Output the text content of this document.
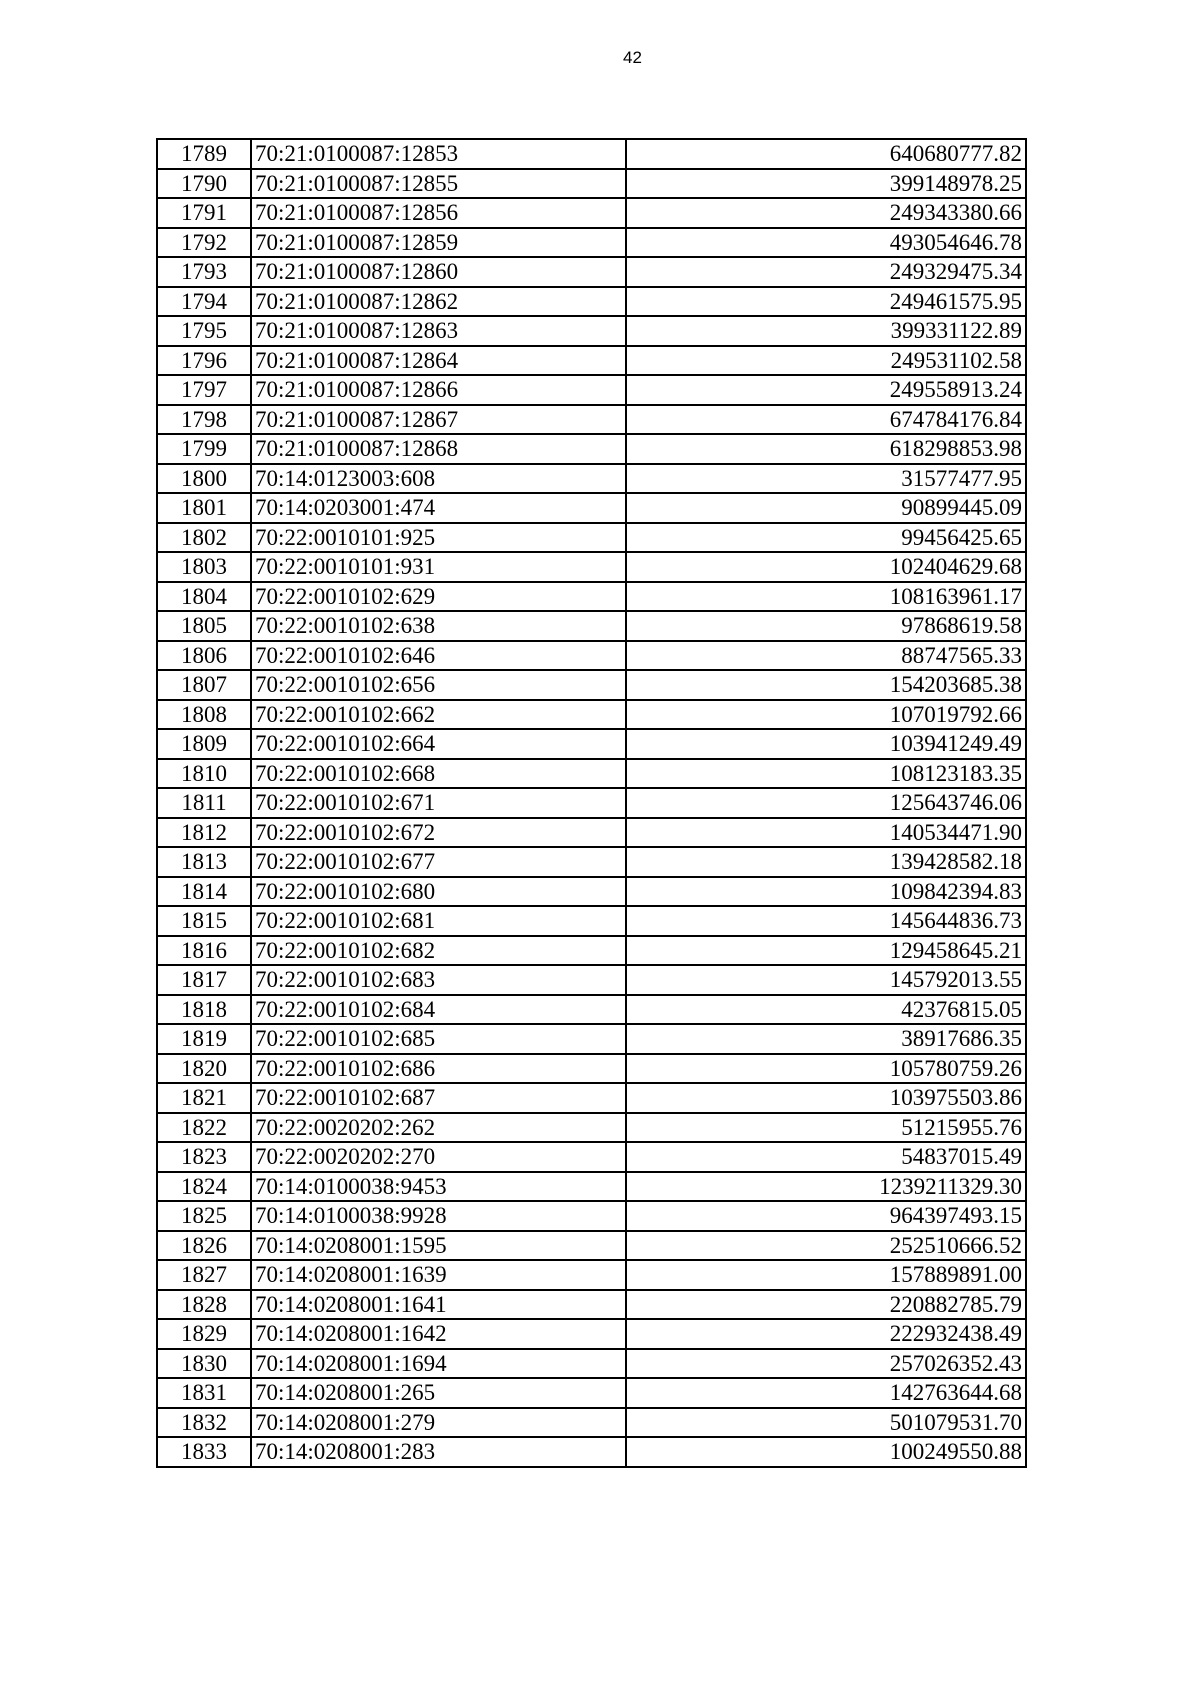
42
1789	70:21:0100087:12853	640680777.82
1790	70:21:0100087:12855	399148978.25
1791	70:21:0100087:12856	249343380.66
1792	70:21:0100087:12859	493054646.78
1793	70:21:0100087:12860	249329475.34
1794	70:21:0100087:12862	249461575.95
1795	70:21:0100087:12863	399331122.89
1796	70:21:0100087:12864	249531102.58
1797	70:21:0100087:12866	249558913.24
1798	70:21:0100087:12867	674784176.84
1799	70:21:0100087:12868	618298853.98
1800	70:14:0123003:608	31577477.95
1801	70:14:0203001:474	90899445.09
1802	70:22:0010101:925	99456425.65
1803	70:22:0010101:931	102404629.68
1804	70:22:0010102:629	108163961.17
1805	70:22:0010102:638	97868619.58
1806	70:22:0010102:646	88747565.33
1807	70:22:0010102:656	154203685.38
1808	70:22:0010102:662	107019792.66
1809	70:22:0010102:664	103941249.49
1810	70:22:0010102:668	108123183.35
1811	70:22:0010102:671	125643746.06
1812	70:22:0010102:672	140534471.90
1813	70:22:0010102:677	139428582.18
1814	70:22:0010102:680	109842394.83
1815	70:22:0010102:681	145644836.73
1816	70:22:0010102:682	129458645.21
1817	70:22:0010102:683	145792013.55
1818	70:22:0010102:684	42376815.05
1819	70:22:0010102:685	38917686.35
1820	70:22:0010102:686	105780759.26
1821	70:22:0010102:687	103975503.86
1822	70:22:0020202:262	51215955.76
1823	70:22:0020202:270	54837015.49
1824	70:14:0100038:9453	1239211329.30
1825	70:14:0100038:9928	964397493.15
1826	70:14:0208001:1595	252510666.52
1827	70:14:0208001:1639	157889891.00
1828	70:14:0208001:1641	220882785.79
1829	70:14:0208001:1642	222932438.49
1830	70:14:0208001:1694	257026352.43
1831	70:14:0208001:265	142763644.68
1832	70:14:0208001:279	501079531.70
1833	70:14:0208001:283	100249550.88
